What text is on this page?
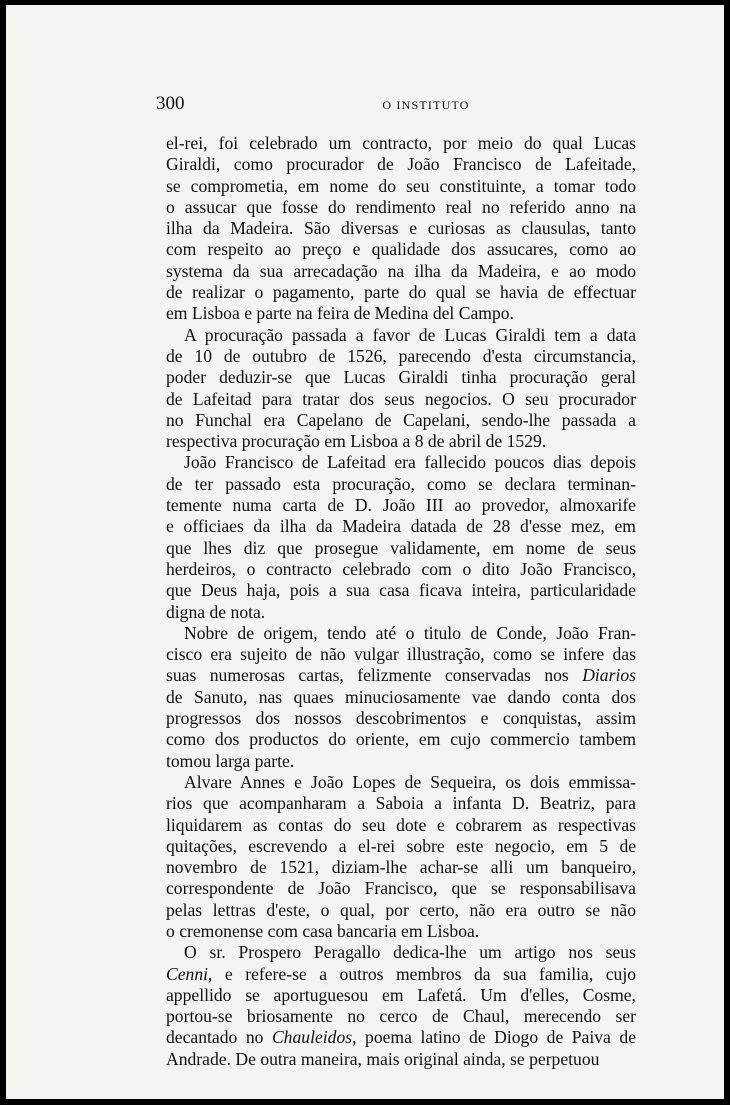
300	O INSTITUTO
el-rei, foi celebrado um contracto, por meio do qual Lucas
Giraldi, como procurador de João Francisco de Lafeitade,
se comprometia, em nome do seu constituinte, a tomar todo
o assucar que fosse do rendimento real no referido anno na
ilha da Madeira. São diversas e curiosas as clausulas, tanto
com respeito ao preço e qualidade dos assucares, como ao
systema da sua arrecadação na ilha da Madeira, e ao modo
de realizar o pagamento, parte do qual se havia de effectuar
em Lisboa e parte na feira de Medina del Campo.
A procuração passada a favor de Lucas Giraldi tem a data
de 10 de outubro de 1526, parecendo d'esta circumstancia,
poder deduzir-se que Lucas Giraldi tinha procuração geral
de Lafeitad para tratar dos seus negocios. O seu procurador
no Funchal era Capelano de Capelani, sendo-lhe passada a
respectiva procuração em Lisboa a 8 de abril de 1529.
João Francisco de Lafeitad era fallecido poucos dias depois
de ter passado esta procuração, como se declara terminan-
temente numa carta de D. João III ao provedor, almoxarife
e officiaes da ilha da Madeira datada de 28 d'esse mez, em
que lhes diz que prosegue validamente, em nome de seus
herdeiros, o contracto celebrado com o dito João Francisco,
que Deus haja, pois a sua casa ficava inteira, particularidade
digna de nota.
Nobre de origem, tendo até o titulo de Conde, João Fran-
cisco era sujeito de não vulgar illustração, como se infere das
suas numerosas cartas, felizmente conservadas nos Diarios
de Sanuto, nas quaes minuciosamente vae dando conta dos
progressos dos nossos descobrimentos e conquistas, assim
como dos productos do oriente, em cujo commercio tambem
tomou larga parte.
Alvare Annes e João Lopes de Sequeira, os dois emmissa-
rios que acompanharam a Saboia a infanta D. Beatriz, para
liquidarem as contas do seu dote e cobrarem as respectivas
quitações, escrevendo a el-rei sobre este negocio, em 5 de
novembro de 1521, diziam-lhe achar-se alli um banqueiro,
correspondente de João Francisco, que se responsabilisava
pelas lettras d'este, o qual, por certo, não era outro se não
o cremonense com casa bancaria em Lisboa.
O sr. Prospero Peragallo dedica-lhe um artigo nos seus
Cenni, e refere-se a outros membros da sua familia, cujo
appellido se aportuguesou em Lafetá. Um d'elles, Cosme,
portou-se briosamente no cerco de Chaul, merecendo ser
decantado no Chauleidos, poema latino de Diogo de Paiva de
Andrade. De outra maneira, mais original ainda, se perpetuou
